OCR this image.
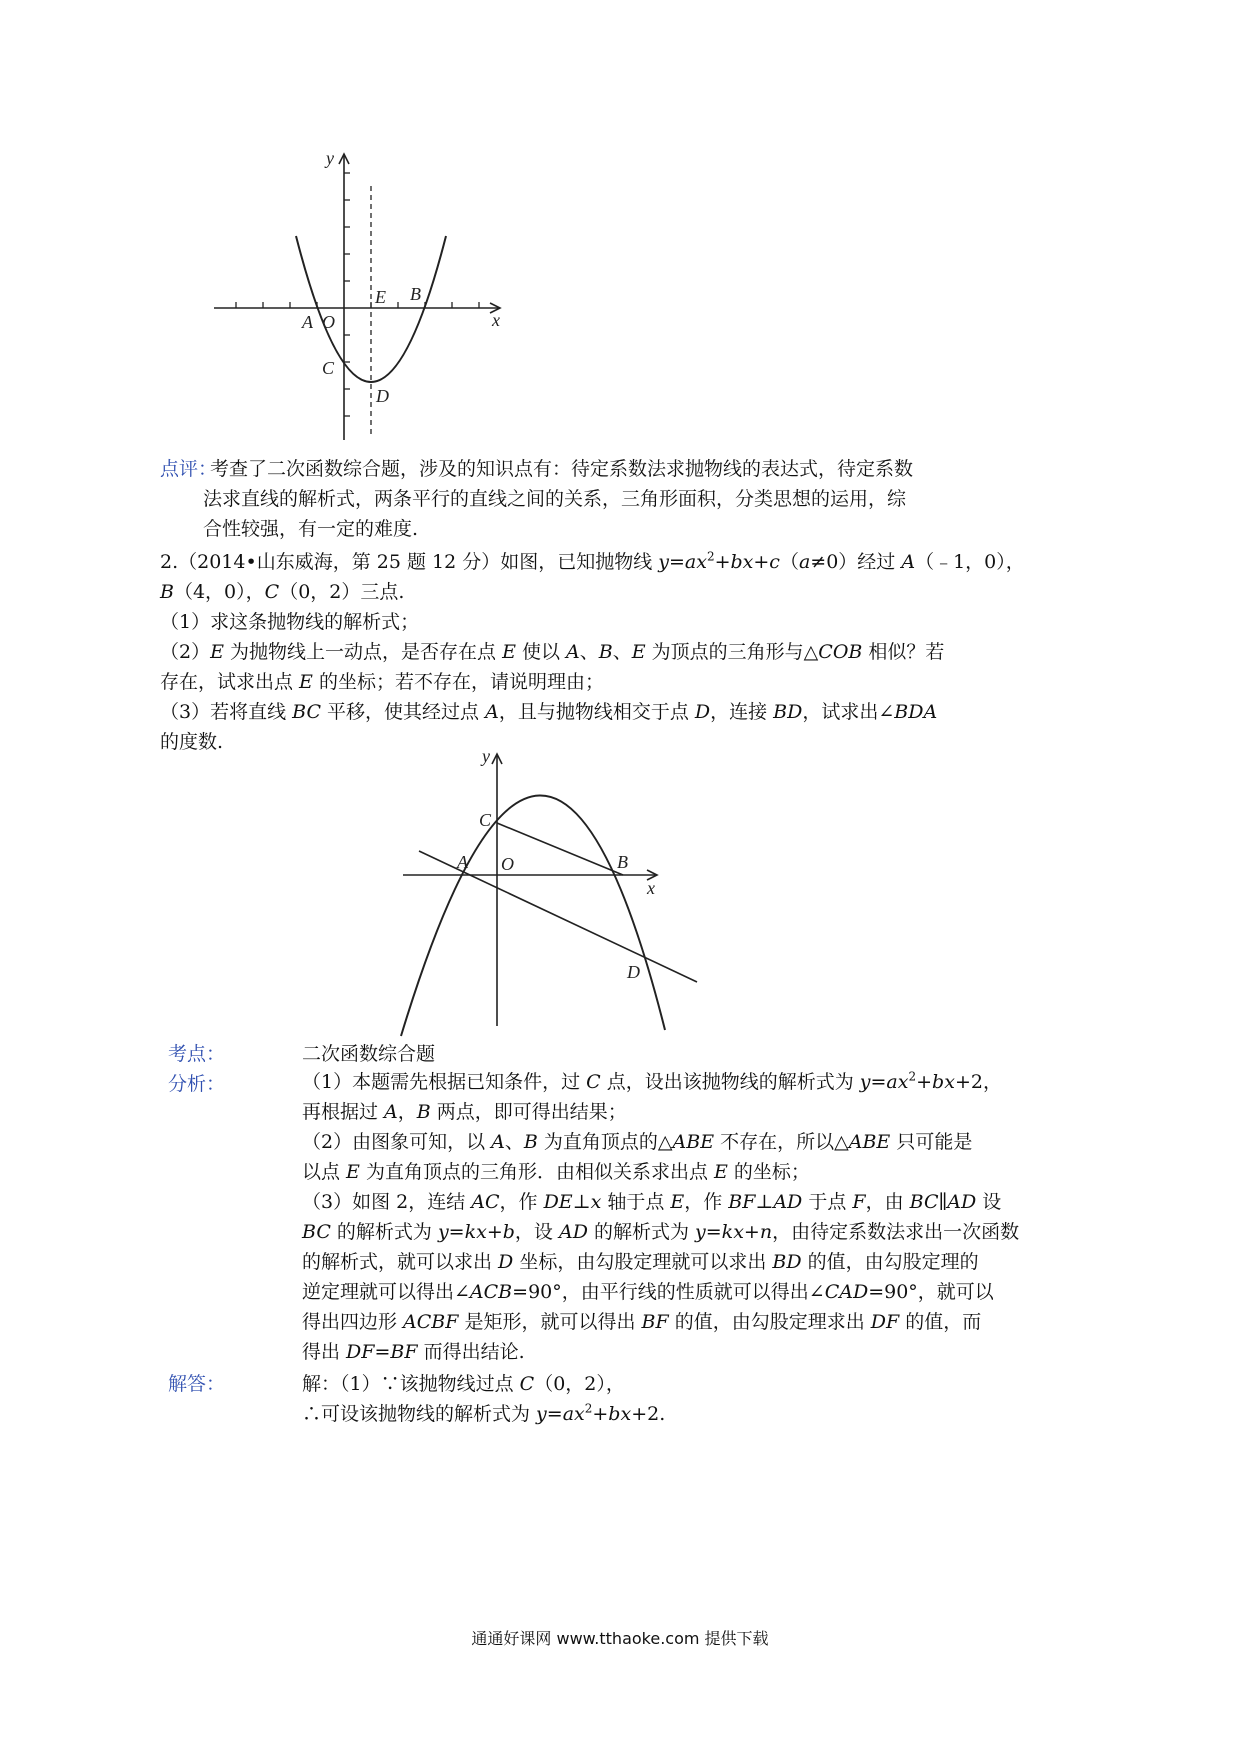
y
x
A O
E B
C
D
点评：
考查了二次函数综合题，涉及的知识点有：待定系数法求抛物线的表达式，待定系数
法求直线的解析式，两条平行的直线之间的关系，三角形面积，分类思想的运用，综
合性较强，有一定的难度.
2.（2014•山东威海，第 25 题 12 分）如图，已知抛物线 $y=ax^2+bx+c(a\ne 0)$经过 A（﹣1，0），
B（4，0），C（0，2）三点.
（1）求这条抛物线的解析式；
（2）E 为抛物线上一动点，是否存在点 E 使以 A、B、E 为顶点的三角形与△COB 相似？若
存在，试求出点 E 的坐标；若不存在，请说明理由；
（3）若将直线 BC 平移，使其经过点 A，且与抛物线相交于点 D，连接 BD，试求出∠BDA
的度数.
y
x
A O
C
B
D
考点：	二次函数综合题
分析：	（1）本题需先根据已知条件，过 C 点，设出该抛物线的解析式为 $y=ax^2+bx+2$，
再根据过 A，B 两点，即可得出结果；
（2）由图象可知，以 A、B 为直角顶点的△ABE 不存在，所以△ABE 只可能是
以点 E 为直角顶点的三角形．由相似关系求出点 E 的坐标；
（3）如图 2，连结 AC，作 DE⊥x 轴于点 E，作 BF⊥AD 于点 F，由 BC∥AD 设
BC 的解析式为 y=kx+b，设 AD 的解析式为 y=kx+n，由待定系数法求出一次函数
的解析式，就可以求出 D 坐标，由勾股定理就可以求出 BD 的值，由勾股定理的
逆定理就可以得出∠ACB=90°，由平行线的性质就可以得出∠CAD=90°，就可以
得出四边形 ACBF 是矩形，就可以得出 BF 的值，由勾股定理求出 DF 的值，而
得出 DF=BF 而得出结论.
解答：	解：（1）∵该抛物线过点 C（0，2），
∴可设该抛物线的解析式为 $y=ax^2+bx+2$.
通通好课网 www.tthaoke.com 提供下载
